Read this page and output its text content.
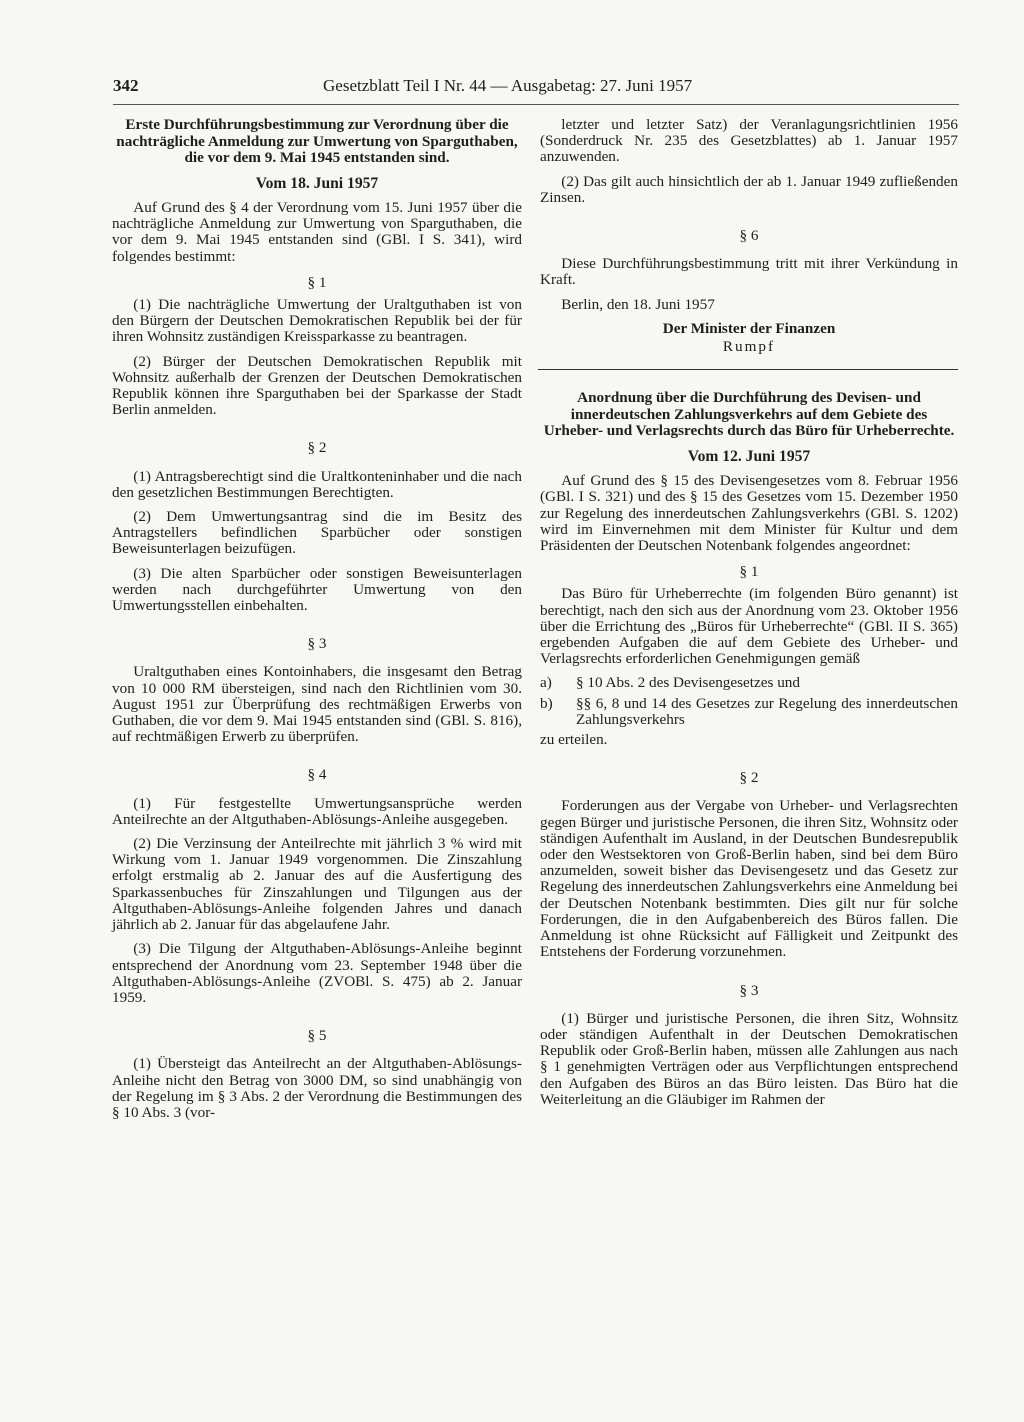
342	Gesetzblatt Teil I Nr. 44 — Ausgabetag: 27. Juni 1957

Erste Durchführungsbestimmung zur Verordnung über die nachträgliche Anmeldung zur Umwertung von Sparguthaben, die vor dem 9. Mai 1945 entstanden sind.

Vom 18. Juni 1957

Auf Grund des § 4 der Verordnung vom 15. Juni 1957 über die nachträgliche Anmeldung zur Umwertung von Sparguthaben, die vor dem 9. Mai 1945 entstanden sind (GBl. I S. 341), wird folgendes bestimmt:

§ 1

(1) Die nachträgliche Umwertung der Uraltguthaben ist von den Bürgern der Deutschen Demokratischen Republik bei der für ihren Wohnsitz zuständigen Kreissparkasse zu beantragen.

(2) Bürger der Deutschen Demokratischen Republik mit Wohnsitz außerhalb der Grenzen der Deutschen Demokratischen Republik können ihre Sparguthaben bei der Sparkasse der Stadt Berlin anmelden.

§ 2

(1) Antragsberechtigt sind die Uraltkonteninhaber und die nach den gesetzlichen Bestimmungen Berechtigten.

(2) Dem Umwertungsantrag sind die im Besitz des Antragstellers befindlichen Sparbücher oder sonstigen Beweisunterlagen beizufügen.

(3) Die alten Sparbücher oder sonstigen Beweisunterlagen werden nach durchgeführter Umwertung von den Umwertungsstellen einbehalten.

§ 3

Uraltguthaben eines Kontoinhabers, die insgesamt den Betrag von 10 000 RM übersteigen, sind nach den Richtlinien vom 30. August 1951 zur Überprüfung des rechtmäßigen Erwerbs von Guthaben, die vor dem 9. Mai 1945 entstanden sind (GBl. S. 816), auf rechtmäßigen Erwerb zu überprüfen.

§ 4

(1) Für festgestellte Umwertungsansprüche werden Anteilrechte an der Altguthaben-Ablösungs-Anleihe ausgegeben.

(2) Die Verzinsung der Anteilrechte mit jährlich 3 % wird mit Wirkung vom 1. Januar 1949 vorgenommen. Die Zinszahlung erfolgt erstmalig ab 2. Januar des auf die Ausfertigung des Sparkassenbuches für Zinszahlungen und Tilgungen aus der Altguthaben-Ablösungs-Anleihe folgenden Jahres und danach jährlich ab 2. Januar für das abgelaufene Jahr.

(3) Die Tilgung der Altguthaben-Ablösungs-Anleihe beginnt entsprechend der Anordnung vom 23. September 1948 über die Altguthaben-Ablösungs-Anleihe (ZVOBl. S. 475) ab 2. Januar 1959.

§ 5

(1) Übersteigt das Anteilrecht an der Altguthaben-Ablösungs-Anleihe nicht den Betrag von 3000 DM, so sind unabhängig von der Regelung im § 3 Abs. 2 der Verordnung die Bestimmungen des § 10 Abs. 3 (vor-

letzter und letzter Satz) der Veranlagungsrichtlinien 1956 (Sonderdruck Nr. 235 des Gesetzblattes) ab 1. Januar 1957 anzuwenden.

(2) Das gilt auch hinsichtlich der ab 1. Januar 1949 zufließenden Zinsen.

§ 6

Diese Durchführungsbestimmung tritt mit ihrer Verkündung in Kraft.

Berlin, den 18. Juni 1957

Der Minister der Finanzen

Rumpf

Anordnung über die Durchführung des Devisen- und innerdeutschen Zahlungsverkehrs auf dem Gebiete des Urheber- und Verlagsrechts durch das Büro für Urheberrechte.

Vom 12. Juni 1957

Auf Grund des § 15 des Devisengesetzes vom 8. Februar 1956 (GBl. I S. 321) und des § 15 des Gesetzes vom 15. Dezember 1950 zur Regelung des innerdeutschen Zahlungsverkehrs (GBl. S. 1202) wird im Einvernehmen mit dem Minister für Kultur und dem Präsidenten der Deutschen Notenbank folgendes angeordnet:

§ 1

Das Büro für Urheberrechte (im folgenden Büro genannt) ist berechtigt, nach den sich aus der Anordnung vom 23. Oktober 1956 über die Errichtung des „Büros für Urheberrechte“ (GBl. II S. 365) ergebenden Aufgaben die auf dem Gebiete des Urheber- und Verlagsrechts erforderlichen Genehmigungen gemäß

a) § 10 Abs. 2 des Devisengesetzes und

b) §§ 6, 8 und 14 des Gesetzes zur Regelung des innerdeutschen Zahlungsverkehrs

zu erteilen.

§ 2

Forderungen aus der Vergabe von Urheber- und Verlagsrechten gegen Bürger und juristische Personen, die ihren Sitz, Wohnsitz oder ständigen Aufenthalt im Ausland, in der Deutschen Bundesrepublik oder den Westsektoren von Groß-Berlin haben, sind bei dem Büro anzumelden, soweit bisher das Devisengesetz und das Gesetz zur Regelung des innerdeutschen Zahlungsverkehrs eine Anmeldung bei der Deutschen Notenbank bestimmten. Dies gilt nur für solche Forderungen, die in den Aufgabenbereich des Büros fallen. Die Anmeldung ist ohne Rücksicht auf Fälligkeit und Zeitpunkt des Entstehens der Forderung vorzunehmen.

§ 3

(1) Bürger und juristische Personen, die ihren Sitz, Wohnsitz oder ständigen Aufenthalt in der Deutschen Demokratischen Republik oder Groß-Berlin haben, müssen alle Zahlungen aus nach § 1 genehmigten Verträgen oder aus Verpflichtungen entsprechend den Aufgaben des Büros an das Büro leisten. Das Büro hat die Weiterleitung an die Gläubiger im Rahmen der
